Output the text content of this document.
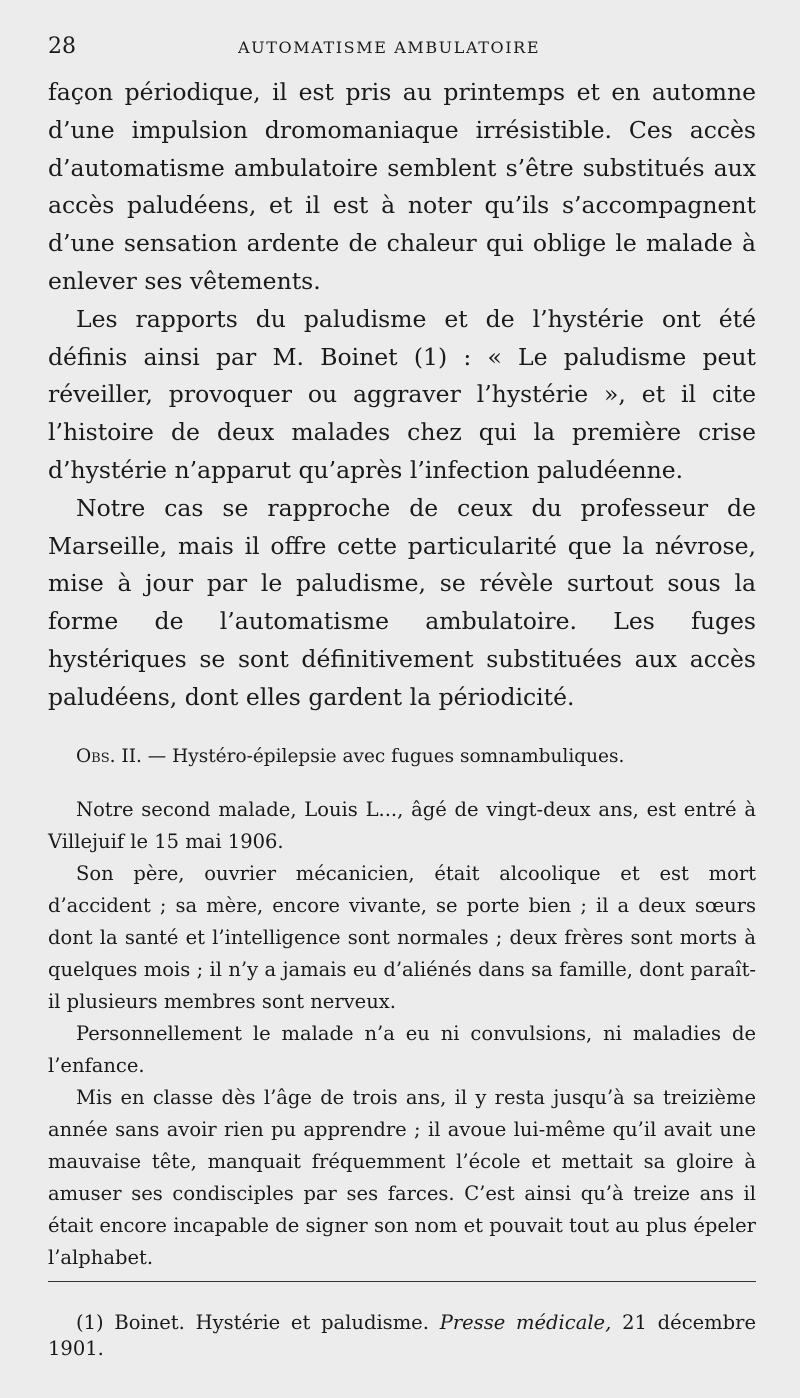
28	AUTOMATISME AMBULATOIRE

façon périodique, il est pris au printemps et en automne d’une impulsion dromomaniaque irrésistible. Ces accès d’automatisme ambulatoire semblent s’être substitués aux accès paludéens, et il est à noter qu’ils s’accompagnent d’une sensation ardente de chaleur qui oblige le malade à enlever ses vêtements.

Les rapports du paludisme et de l’hystérie ont été définis ainsi par M. Boinet (1) : « Le paludisme peut réveiller, provoquer ou aggraver l’hystérie », et il cite l’histoire de deux malades chez qui la première crise d’hystérie n’apparut qu’après l’infection paludéenne.

Notre cas se rapproche de ceux du professeur de Marseille, mais il offre cette particularité que la névrose, mise à jour par le paludisme, se révèle surtout sous la forme de l’automatisme ambulatoire. Les fuges hystériques se sont définitivement substituées aux accès paludéens, dont elles gardent la périodicité.

Obs. II. — Hystéro-épilepsie avec fugues somnambuliques.

Notre second malade, Louis L..., âgé de vingt-deux ans, est entré à Villejuif le 15 mai 1906.

Son père, ouvrier mécanicien, était alcoolique et est mort d’accident ; sa mère, encore vivante, se porte bien ; il a deux sœurs dont la santé et l’intelligence sont normales ; deux frères sont morts à quelques mois ; il n’y a jamais eu d’aliénés dans sa famille, dont paraît-il plusieurs membres sont nerveux.

Personnellement le malade n’a eu ni convulsions, ni maladies de l’enfance.

Mis en classe dès l’âge de trois ans, il y resta jusqu’à sa treizième année sans avoir rien pu apprendre ; il avoue lui-même qu’il avait une mauvaise tête, manquait fréquemment l’école et mettait sa gloire à amuser ses condisciples par ses farces. C’est ainsi qu’à treize ans il était encore incapable de signer son nom et pouvait tout au plus épeler l’alphabet.

(1) Boinet. Hystérie et paludisme. Presse médicale, 21 décembre 1901.
